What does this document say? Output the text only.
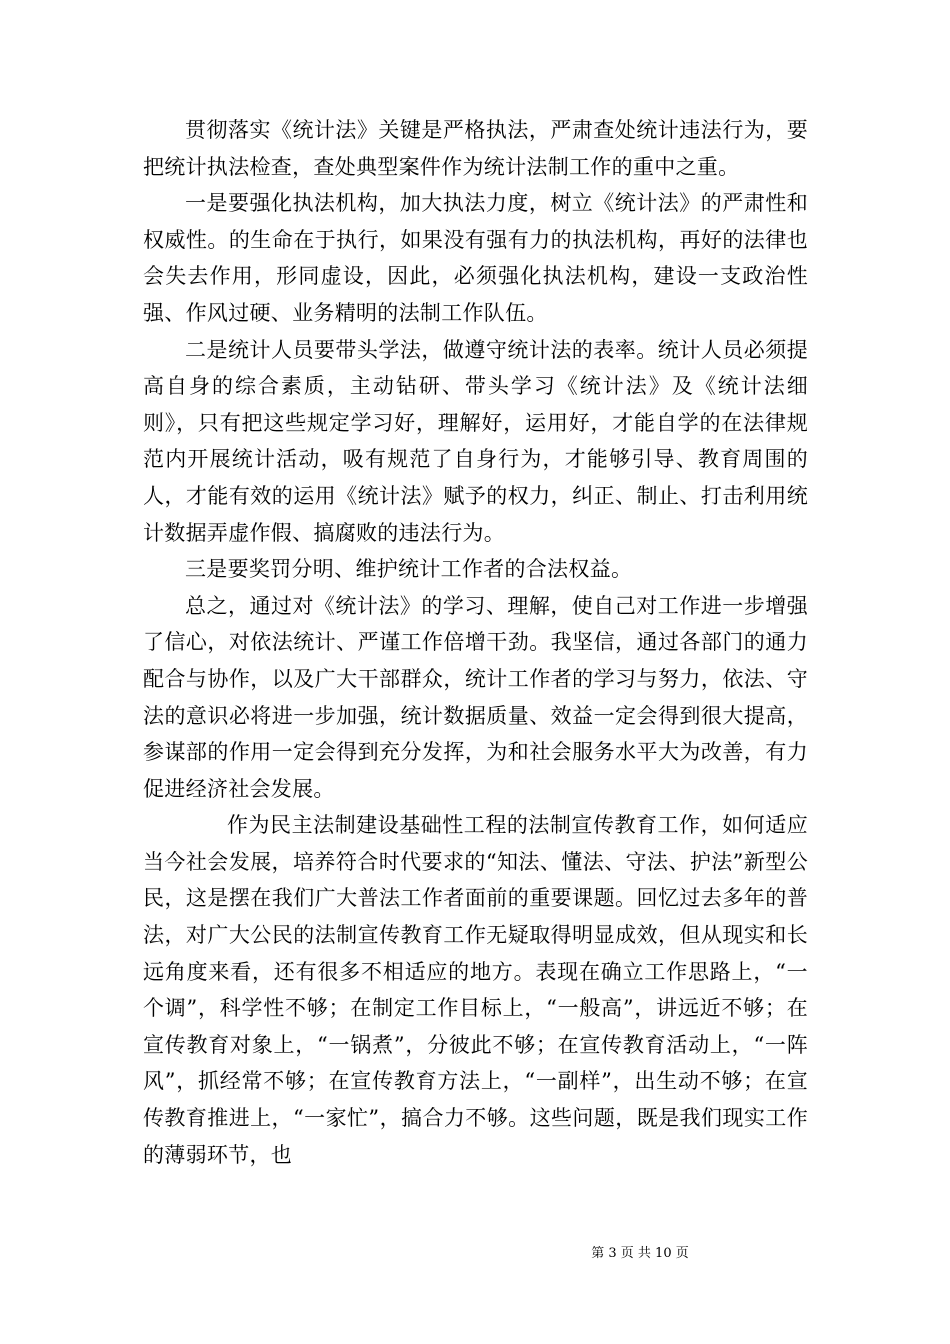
贯彻落实《统计法》关键是严格执法，严肃查处统计违法行为，要把统计执法检查，查处典型案件作为统计法制工作的重中之重。

一是要强化执法机构，加大执法力度，树立《统计法》的严肃性和权威性。的生命在于执行，如果没有强有力的执法机构，再好的法律也会失去作用，形同虚设，因此，必须强化执法机构，建设一支政治性强、作风过硬、业务精明的法制工作队伍。

二是统计人员要带头学法，做遵守统计法的表率。统计人员必须提高自身的综合素质，主动钻研、带头学习《统计法》及《统计法细则》，只有把这些规定学习好，理解好，运用好，才能自学的在法律规范内开展统计活动，吸有规范了自身行为，才能够引导、教育周围的人，才能有效的运用《统计法》赋予的权力，纠正、制止、打击利用统计数据弄虚作假、搞腐败的违法行为。

三是要奖罚分明、维护统计工作者的合法权益。

总之，通过对《统计法》的学习、理解，使自己对工作进一步增强了信心，对依法统计、严谨工作倍增干劲。我坚信，通过各部门的通力配合与协作，以及广大干部群众，统计工作者的学习与努力，依法、守法的意识必将进一步加强，统计数据质量、效益一定会得到很大提高，参谋部的作用一定会得到充分发挥，为和社会服务水平大为改善，有力促进经济社会发展。

作为民主法制建设基础性工程的法制宣传教育工作，如何适应当今社会发展，培养符合时代要求的“知法、懂法、守法、护法”新型公民，这是摆在我们广大普法工作者面前的重要课题。回忆过去多年的普法，对广大公民的法制宣传教育工作无疑取得明显成效，但从现实和长远角度来看，还有很多不相适应的地方。表现在确立工作思路上，“一个调”，科学性不够；在制定工作目标上，“一般高”，讲远近不够；在宣传教育对象上，“一锅煮”，分彼此不够；在宣传教育活动上，“一阵风”，抓经常不够；在宣传教育方法上，“一副样”，出生动不够；在宣传教育推进上，“一家忙”，搞合力不够。这些问题，既是我们现实工作的薄弱环节，也

第 3 页 共 10 页
